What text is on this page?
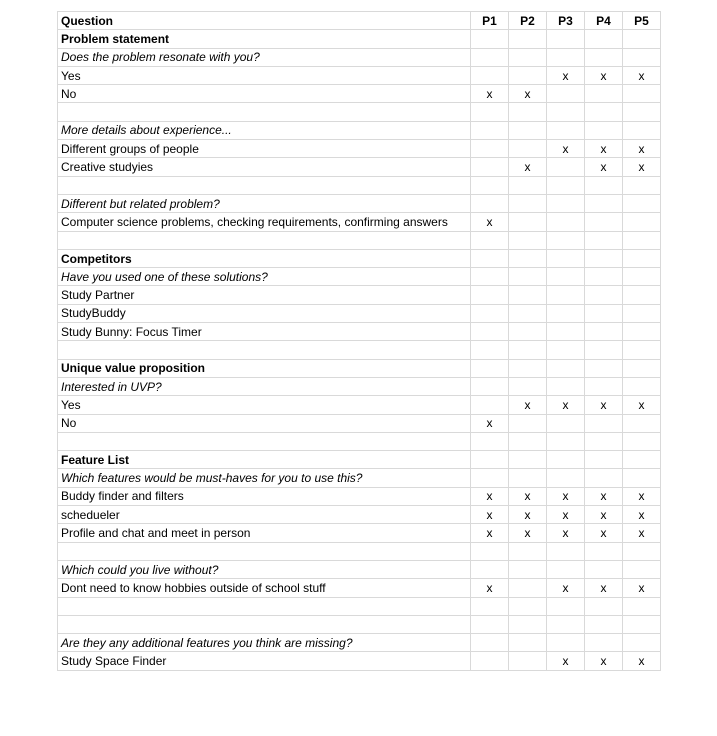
Question	P1	P2	P3	P4	P5
Problem statement					
Does the problem resonate with you?					
Yes			x	x	x
No	x	x			

More details about experience...					
Different groups of people			x	x	x
Creative studyies		x		x	x

Different but related problem?					
Computer science problems, checking requirements, confirming answers	x				

Competitors					
Have you used one of these solutions?					
Study Partner					
StudyBuddy					
Study Bunny: Focus Timer					

Unique value proposition					
Interested in UVP?					
Yes		x	x	x	x
No	x				

Feature List					
Which features would be must-haves for you to use this?					
Buddy finder and filters	x	x	x	x	x
schedueler	x	x	x	x	x
Profile and chat and meet in person	x	x	x	x	x

Which could you live without?					
Dont need to know hobbies outside of school stuff	x		x	x	x

Are they any additional features you think are missing?					
Study Space Finder			x	x	x
